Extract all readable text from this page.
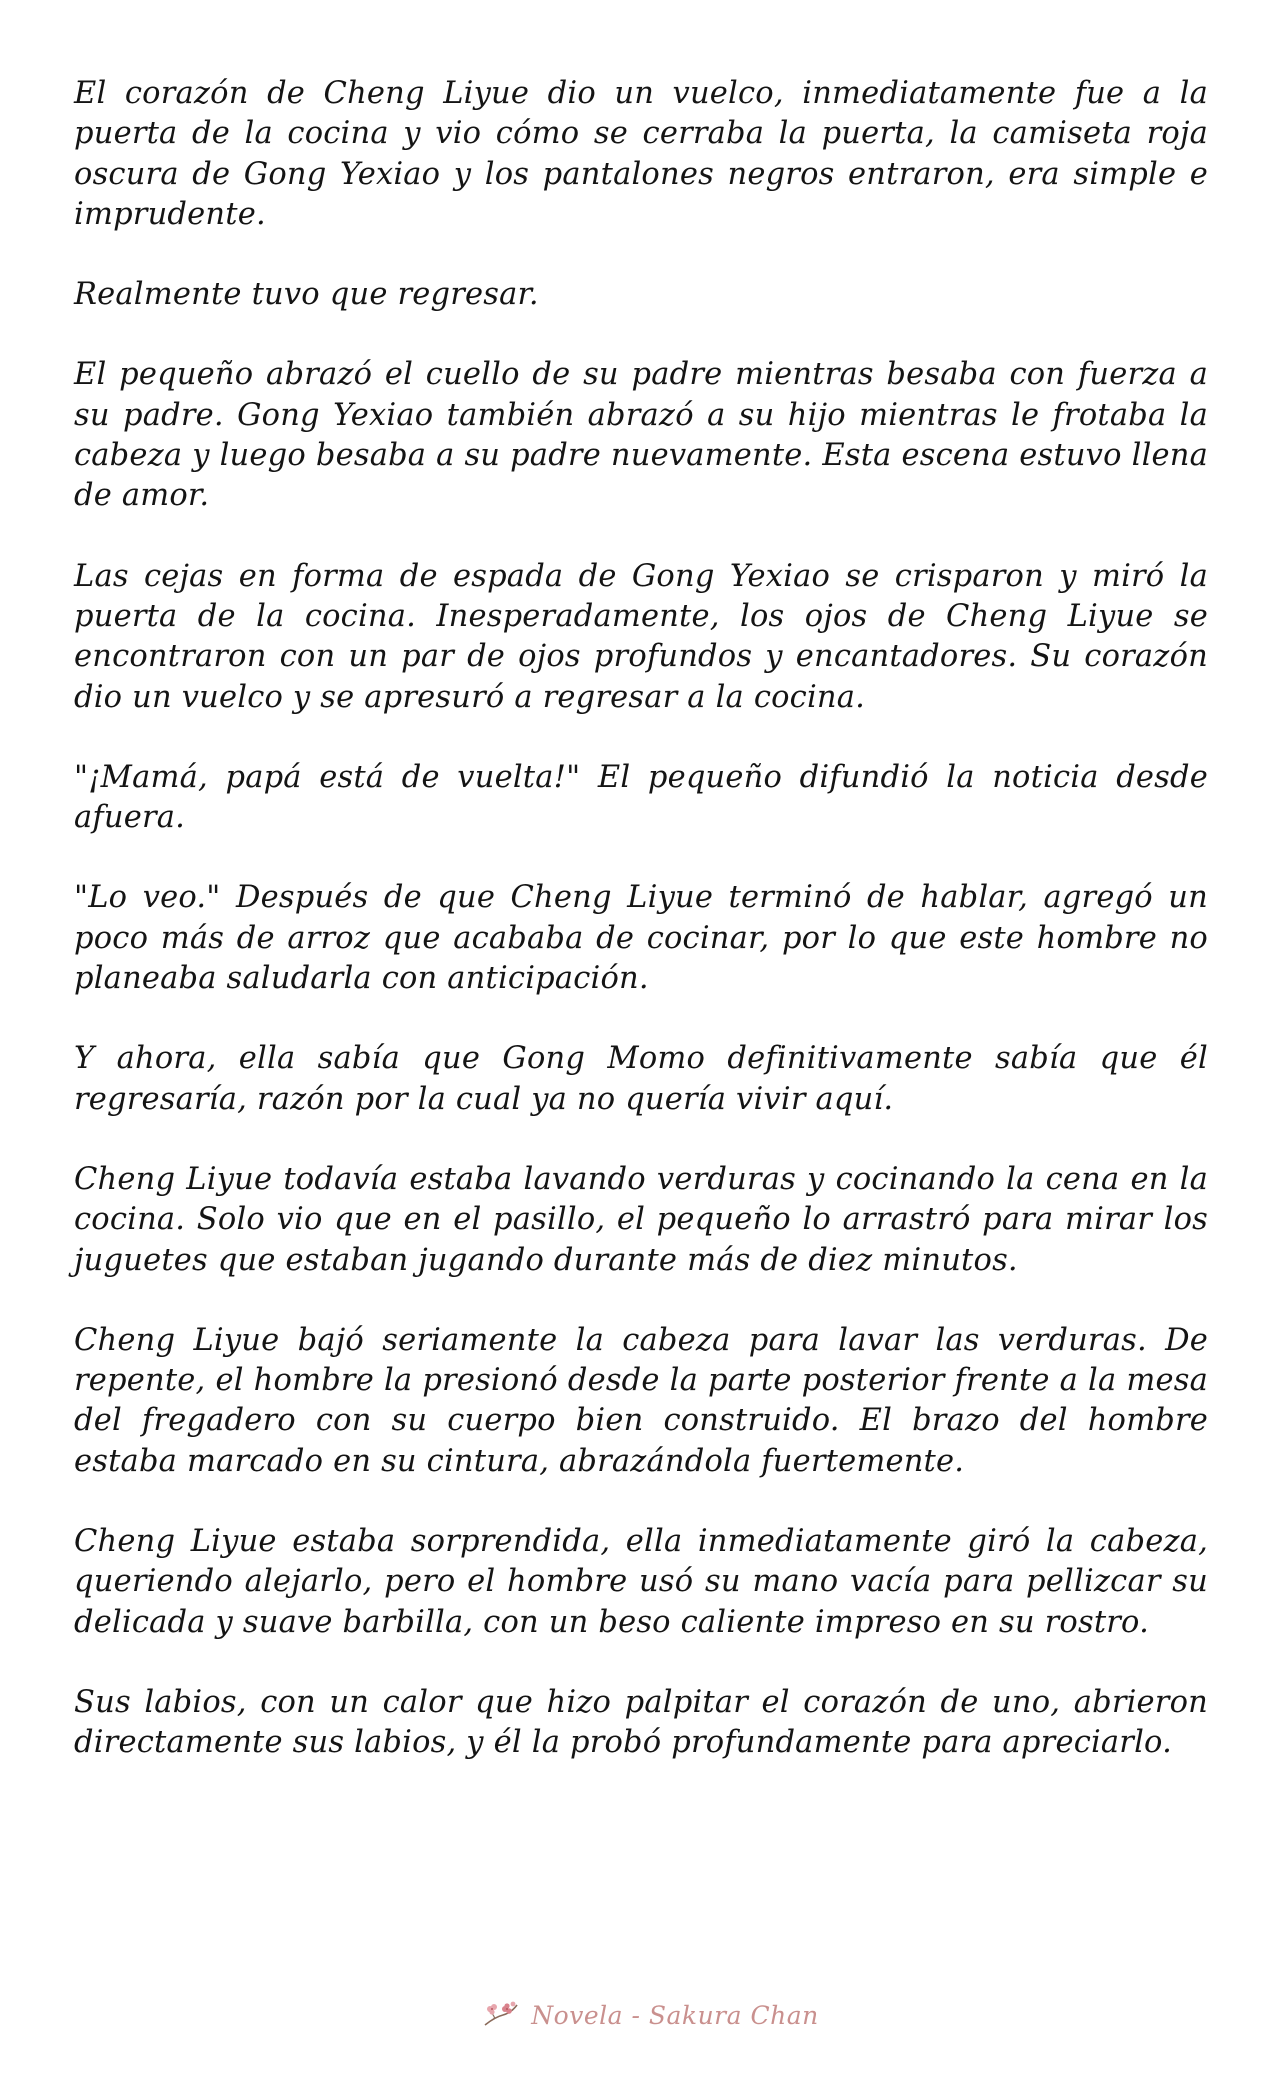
El corazón de Cheng Liyue dio un vuelco, inmediatamente fue a la puerta de la cocina y vio cómo se cerraba la puerta, la camiseta roja oscura de Gong Yexiao y los pantalones negros entraron, era simple e imprudente.

Realmente tuvo que regresar.

El pequeño abrazó el cuello de su padre mientras besaba con fuerza a su padre. Gong Yexiao también abrazó a su hijo mientras le frotaba la cabeza y luego besaba a su padre nuevamente. Esta escena estuvo llena de amor.

Las cejas en forma de espada de Gong Yexiao se crisparon y miró la puerta de la cocina. Inesperadamente, los ojos de Cheng Liyue se encontraron con un par de ojos profundos y encantadores. Su corazón dio un vuelco y se apresuró a regresar a la cocina.

"¡Mamá, papá está de vuelta!" El pequeño difundió la noticia desde afuera.

"Lo veo." Después de que Cheng Liyue terminó de hablar, agregó un poco más de arroz que acababa de cocinar, por lo que este hombre no planeaba saludarla con anticipación.

Y ahora, ella sabía que Gong Momo definitivamente sabía que él regresaría, razón por la cual ya no quería vivir aquí.

Cheng Liyue todavía estaba lavando verduras y cocinando la cena en la cocina. Solo vio que en el pasillo, el pequeño lo arrastró para mirar los juguetes que estaban jugando durante más de diez minutos.

Cheng Liyue bajó seriamente la cabeza para lavar las verduras. De repente, el hombre la presionó desde la parte posterior frente a la mesa del fregadero con su cuerpo bien construido. El brazo del hombre estaba marcado en su cintura, abrazándola fuertemente.

Cheng Liyue estaba sorprendida, ella inmediatamente giró la cabeza, queriendo alejarlo, pero el hombre usó su mano vacía para pellizcar su delicada y suave barbilla, con un beso caliente impreso en su rostro.

Sus labios, con un calor que hizo palpitar el corazón de uno, abrieron directamente sus labios, y él la probó profundamente para apreciarlo.

Novela - Sakura Chan
